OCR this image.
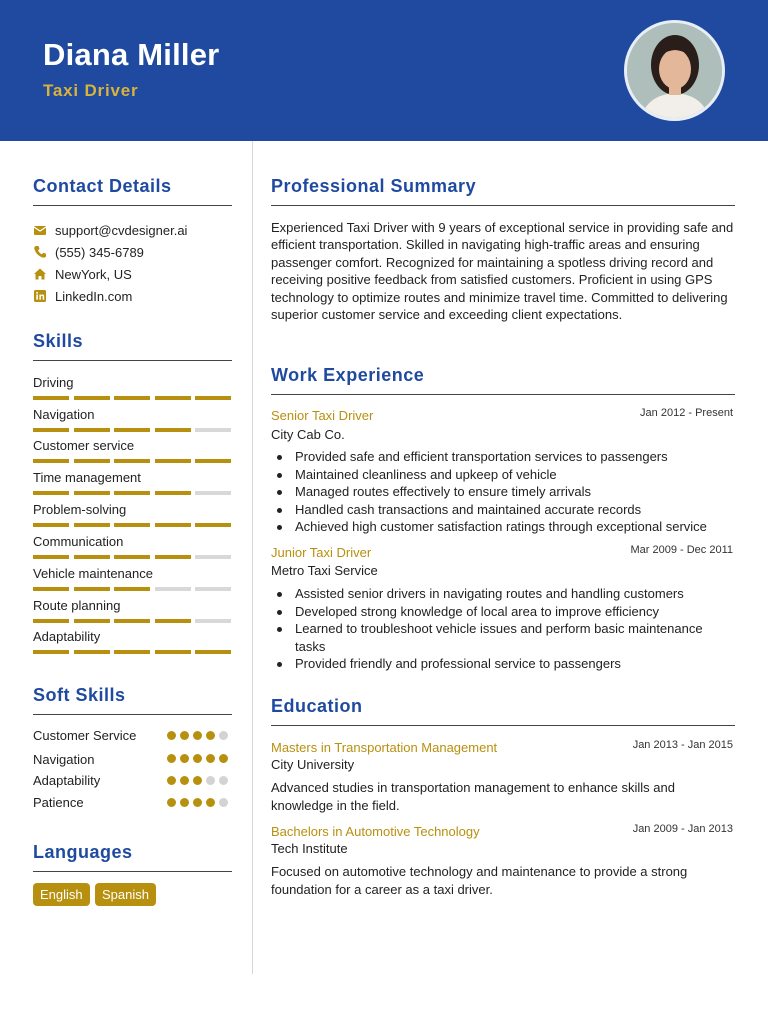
Diana Miller
Taxi Driver
Contact Details
support@cvdesigner.ai
(555) 345-6789
NewYork, US
LinkedIn.com
Skills
Driving
Navigation
Customer service
Time management
Problem-solving
Communication
Vehicle maintenance
Route planning
Adaptability
Soft Skills
Customer Service
Navigation
Adaptability
Patience
Languages
English	Spanish
Professional Summary
Experienced Taxi Driver with 9 years of exceptional service in providing safe and efficient transportation. Skilled in navigating high-traffic areas and ensuring passenger comfort. Recognized for maintaining a spotless driving record and receiving positive feedback from satisfied customers. Proficient in using GPS technology to optimize routes and minimize travel time. Committed to delivering superior customer service and exceeding client expectations.
Work Experience
Senior Taxi Driver	Jan 2012 - Present
City Cab Co.
Provided safe and efficient transportation services to passengers
Maintained cleanliness and upkeep of vehicle
Managed routes effectively to ensure timely arrivals
Handled cash transactions and maintained accurate records
Achieved high customer satisfaction ratings through exceptional service
Junior Taxi Driver	Mar 2009 - Dec 2011
Metro Taxi Service
Assisted senior drivers in navigating routes and handling customers
Developed strong knowledge of local area to improve efficiency
Learned to troubleshoot vehicle issues and perform basic maintenance tasks
Provided friendly and professional service to passengers
Education
Masters in Transportation Management	Jan 2013 - Jan 2015
City University
Advanced studies in transportation management to enhance skills and knowledge in the field.
Bachelors in Automotive Technology	Jan 2009 - Jan 2013
Tech Institute
Focused on automotive technology and maintenance to provide a strong foundation for a career as a taxi driver.
